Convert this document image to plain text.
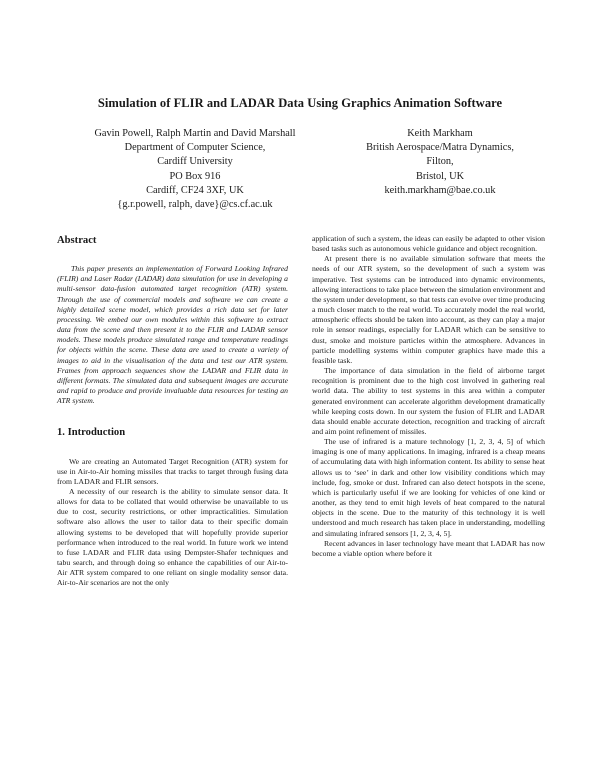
Simulation of FLIR and LADAR Data Using Graphics Animation Software
Gavin Powell, Ralph Martin and David Marshall
Department of Computer Science,
Cardiff University
PO Box 916
Cardiff, CF24 3XF, UK
{g.r.powell, ralph, dave}@cs.cf.ac.uk
Keith Markham
British Aerospace/Matra Dynamics,
Filton,
Bristol, UK
keith.markham@bae.co.uk
Abstract

This paper presents an implementation of Forward Looking Infrared (FLIR) and Laser Radar (LADAR) data simulation for use in developing a multi-sensor data-fusion automated target recognition (ATR) system. Through the use of commercial models and software we can create a highly detailed scene model, which provides a rich data set for later processing. We embed our own modules within this software to extract data from the scene and then present it to the FLIR and LADAR sensor models. These models produce simulated range and temperature readings for objects within the scene. These data are used to create a variety of images to aid in the visualisation of the data and test our ATR system. Frames from approach sequences show the LADAR and FLIR data in different formats. The simulated data and subsequent images are accurate and rapid to produce and provide invaluable data resources for testing an ATR system.

1. Introduction

We are creating an Automated Target Recognition (ATR) system for use in Air-to-Air homing missiles that tracks to target through fusing data from LADAR and FLIR sensors.

A necessity of our research is the ability to simulate sensor data. It allows for data to be collated that would otherwise be unavailable to us due to cost, security restrictions, or other impracticalities. Simulation software also allows the user to tailor data to their specific domain allowing systems to be developed that will hopefully provide superior performance when introduced to the real world. In future work we intend to fuse LADAR and FLIR data using Dempster-Shafer techniques and tabu search, and through doing so enhance the capabilities of our Air-to-Air ATR system compared to one reliant on single modality sensor data. Air-to-Air scenarios are not the only

application of such a system, the ideas can easily be adapted to other vision based tasks such as autonomous vehicle guidance and object recognition.

At present there is no available simulation software that meets the needs of our ATR system, so the development of such a system was imperative. Test systems can be introduced into dynamic environments, allowing interactions to take place between the simulation environment and the system under development, so that tests can evolve over time producing a much closer match to the real world. To accurately model the real world, atmospheric effects should be taken into account, as they can play a major role in sensor readings, especially for LADAR which can be sensitive to dust, smoke and moisture particles within the atmosphere. Advances in particle modelling systems within computer graphics have made this a feasible task.

The importance of data simulation in the field of airborne target recognition is prominent due to the high cost involved in gathering real world data. The ability to test systems in this area within a computer generated environment can accelerate algorithm development dramatically while keeping costs down. In our system the fusion of FLIR and LADAR data should enable accurate detection, recognition and tracking of aircraft and aim point refinement of missiles.

The use of infrared is a mature technology [1, 2, 3, 4, 5] of which imaging is one of many applications. In imaging, infrared is a cheap means of accumulating data with high information content. Its ability to sense heat allows us to ‘see’ in dark and other low visibility conditions which may include, fog, smoke or dust. Infrared can also detect hotspots in the scene, which is particularly useful if we are looking for vehicles of one kind or another, as they tend to emit high levels of heat compared to the natural objects in the scene. Due to the maturity of this technology it is well understood and much research has taken place in understanding, modelling and simulating infrared sensors [1, 2, 3, 4, 5].

Recent advances in laser technology have meant that LADAR has now become a viable option where before it
